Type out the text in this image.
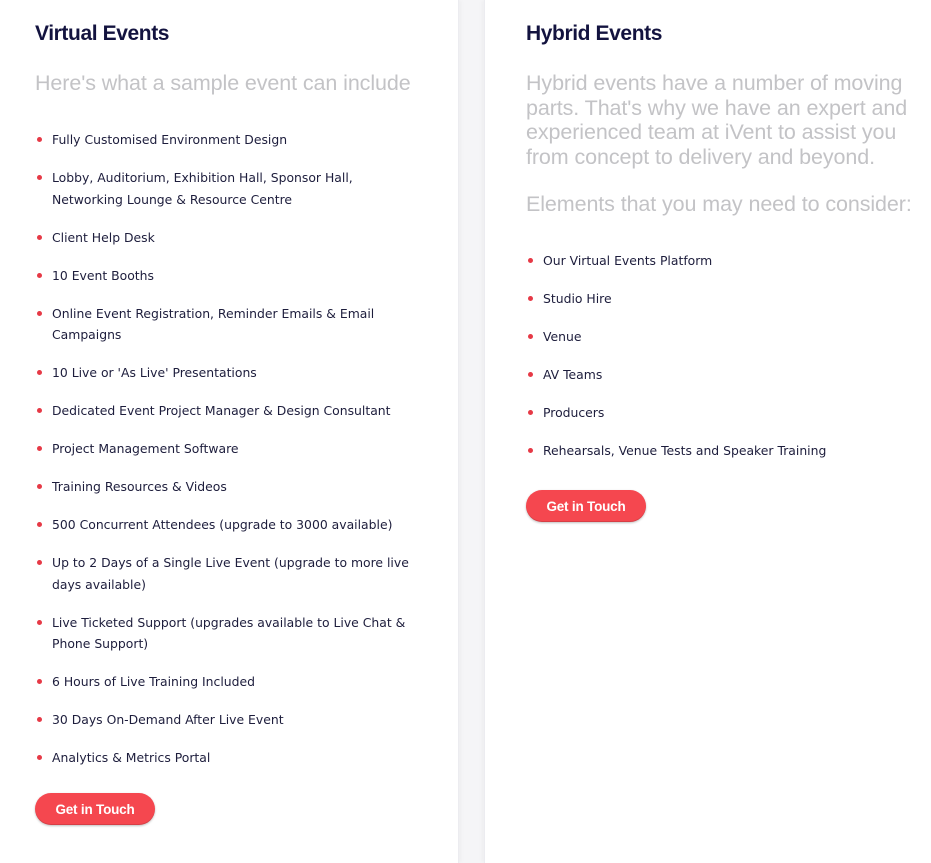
Virtual Events

Here's what a sample event can include

Fully Customised Environment Design
Lobby, Auditorium, Exhibition Hall, Sponsor Hall, Networking Lounge & Resource Centre
Client Help Desk
10 Event Booths
Online Event Registration, Reminder Emails & Email Campaigns
10 Live or 'As Live' Presentations
Dedicated Event Project Manager & Design Consultant
Project Management Software
Training Resources & Videos
500 Concurrent Attendees (upgrade to 3000 available)
Up to 2 Days of a Single Live Event (upgrade to more live days available)
Live Ticketed Support (upgrades available to Live Chat & Phone Support)
6 Hours of Live Training Included
30 Days On-Demand After Live Event
Analytics & Metrics Portal
Get in Touch
Hybrid Events

Hybrid events have a number of moving parts. That's why we have an expert and experienced team at iVent to assist you from concept to delivery and beyond.

Elements that you may need to consider:

Our Virtual Events Platform
Studio Hire
Venue
AV Teams
Producers
Rehearsals, Venue Tests and Speaker Training
Get in Touch
